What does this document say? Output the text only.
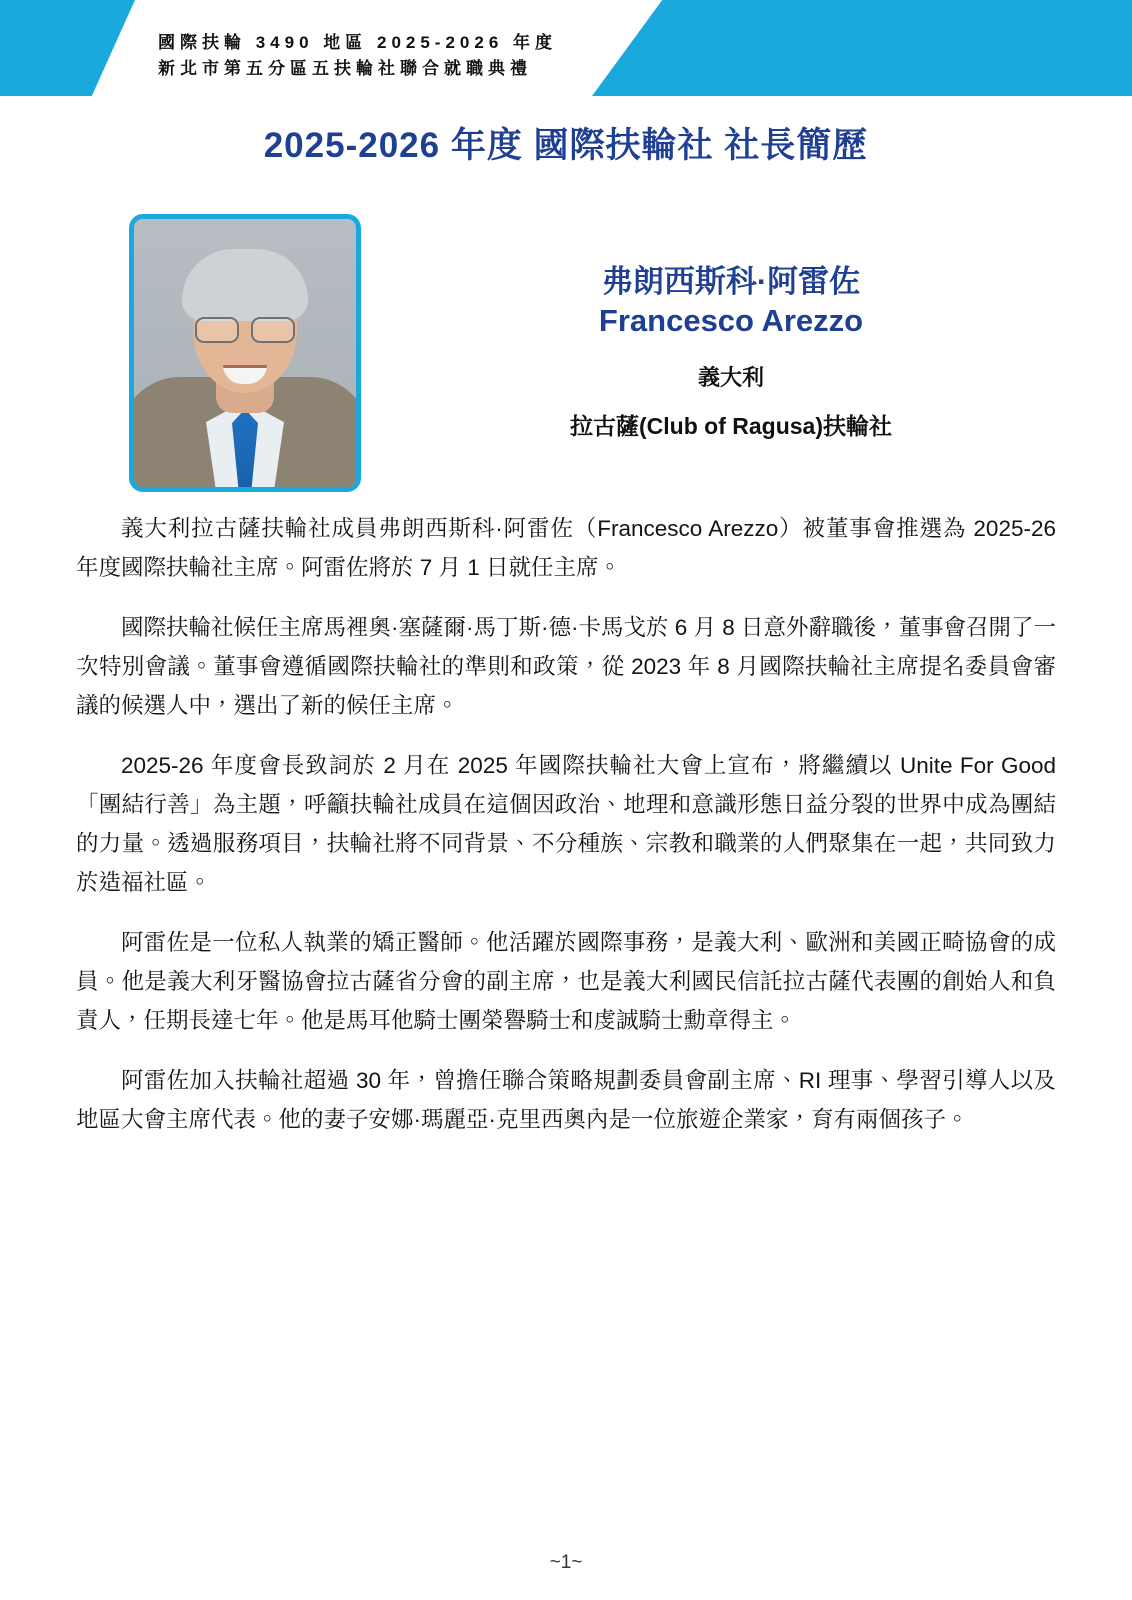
國際扶輪 3490 地區 2025-2026 年度
新北市第五分區五扶輪社聯合就職典禮
2025-2026 年度 國際扶輪社 社長簡歷
弗朗西斯科·阿雷佐
Francesco Arezzo
義大利
拉古薩(Club of Ragusa)扶輪社

義大利拉古薩扶輪社成員弗朗西斯科·阿雷佐（Francesco Arezzo）被董事會推選為 2025-26 年度國際扶輪社主席。阿雷佐將於 7 月 1 日就任主席。

國際扶輪社候任主席馬裡奧·塞薩爾·馬丁斯·德·卡馬戈於 6 月 8 日意外辭職後，董事會召開了一次特別會議。董事會遵循國際扶輪社的準則和政策，從 2023 年 8 月國際扶輪社主席提名委員會審議的候選人中，選出了新的候任主席。

2025-26 年度會長致詞於 2 月在 2025 年國際扶輪社大會上宣布，將繼續以 Unite For Good 「團結行善」為主題，呼籲扶輪社成員在這個因政治、地理和意識形態日益分裂的世界中成為團結的力量。透過服務項目，扶輪社將不同背景、不分種族、宗教和職業的人們聚集在一起，共同致力於造福社區。

阿雷佐是一位私人執業的矯正醫師。他活躍於國際事務，是義大利、歐洲和美國正畸協會的成員。他是義大利牙醫協會拉古薩省分會的副主席，也是義大利國民信託拉古薩代表團的創始人和負責人，任期長達七年。他是馬耳他騎士團榮譽騎士和虔誠騎士勳章得主。

阿雷佐加入扶輪社超過 30 年，曾擔任聯合策略規劃委員會副主席、RI 理事、學習引導人以及地區大會主席代表。他的妻子安娜·瑪麗亞·克里西奧內是一位旅遊企業家，育有兩個孩子。

~1~
